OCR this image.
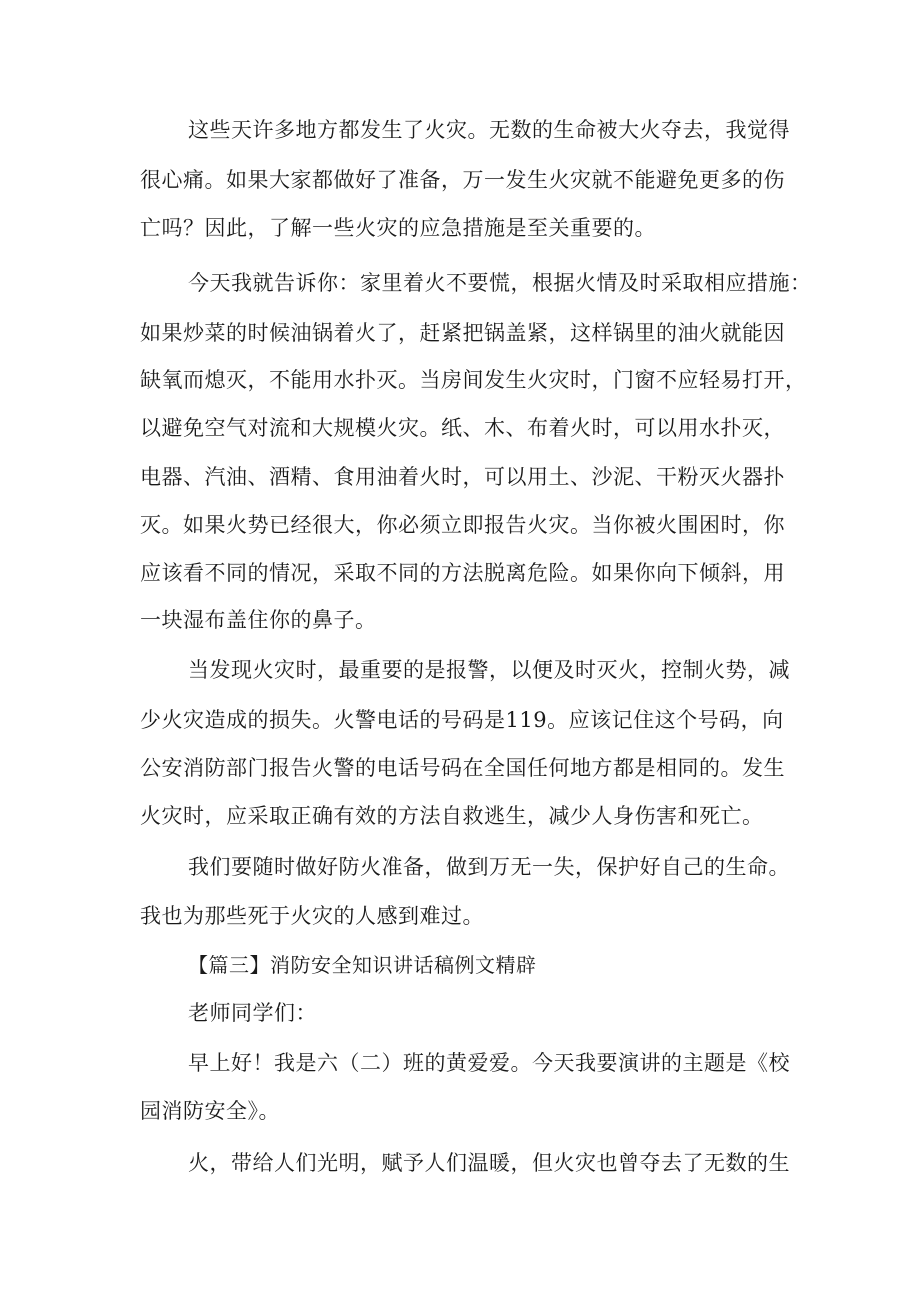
这些天许多地方都发生了火灾。无数的生命被大火夺去，我觉得
很心痛。如果大家都做好了准备，万一发生火灾就不能避免更多的伤
亡吗？因此，了解一些火灾的应急措施是至关重要的。
今天我就告诉你：家里着火不要慌，根据火情及时采取相应措施：
如果炒菜的时候油锅着火了，赶紧把锅盖紧，这样锅里的油火就能因
缺氧而熄灭，不能用水扑灭。当房间发生火灾时，门窗不应轻易打开，
以避免空气对流和大规模火灾。纸、木、布着火时，可以用水扑灭，
电器、汽油、酒精、食用油着火时，可以用土、沙泥、干粉灭火器扑
灭。如果火势已经很大，你必须立即报告火灾。当你被火围困时，你
应该看不同的情况，采取不同的方法脱离危险。如果你向下倾斜，用
一块湿布盖住你的鼻子。
当发现火灾时，最重要的是报警，以便及时灭火，控制火势，减
少火灾造成的损失。火警电话的号码是119。应该记住这个号码，向
公安消防部门报告火警的电话号码在全国任何地方都是相同的。发生
火灾时，应采取正确有效的方法自救逃生，减少人身伤害和死亡。
我们要随时做好防火准备，做到万无一失，保护好自己的生命。
我也为那些死于火灾的人感到难过。
【篇三】消防安全知识讲话稿例文精辟
老师同学们：
早上好！我是六（二）班的黄爱爱。今天我要演讲的主题是《校
园消防安全》。
火，带给人们光明，赋予人们温暖，但火灾也曾夺去了无数的生
